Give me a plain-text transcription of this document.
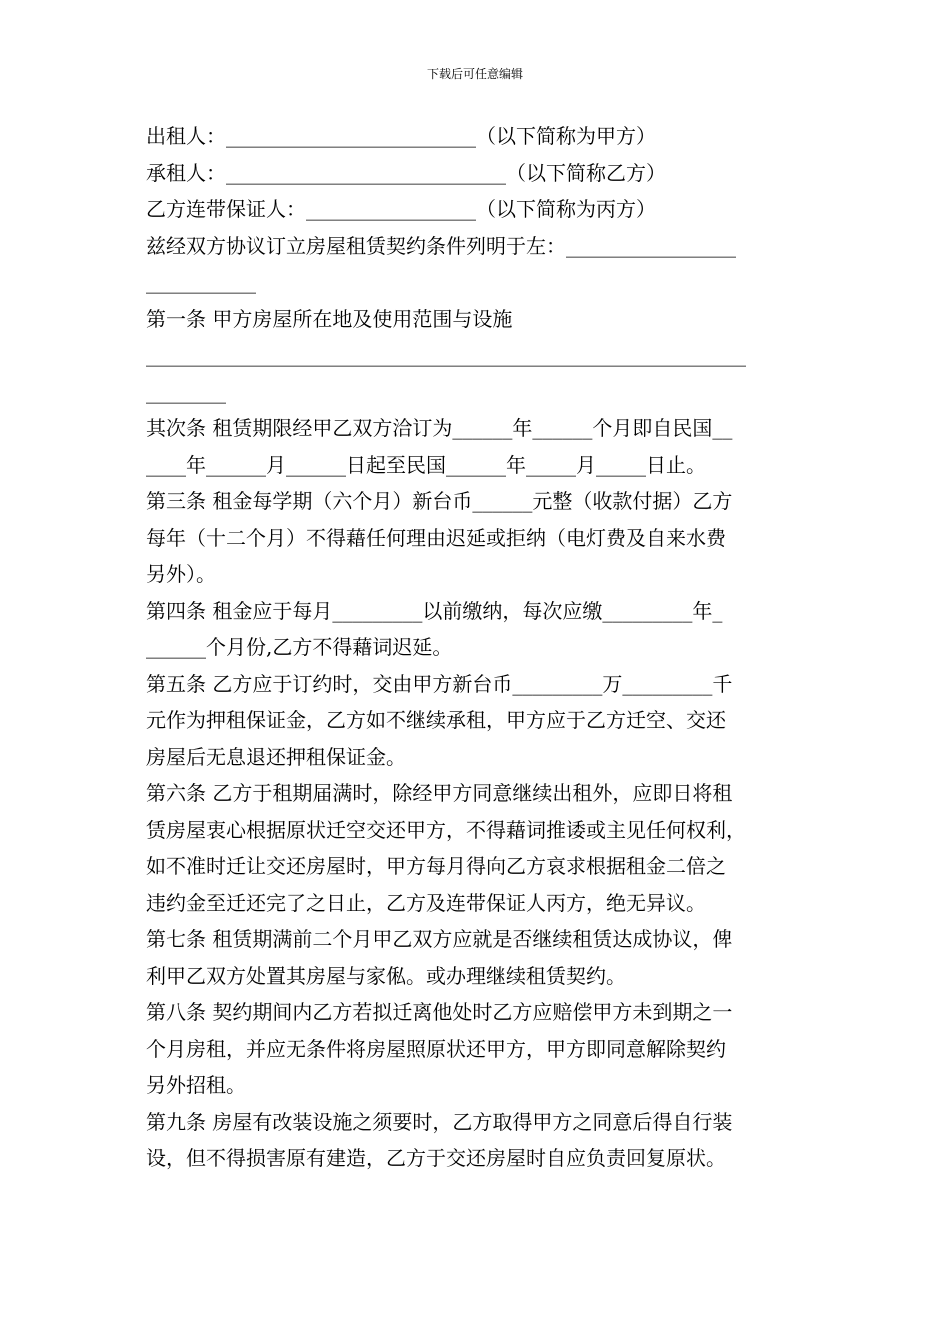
下载后可任意编辑
出租人：_________________________（以下简称为甲方）
承租人：____________________________（以下简称乙方）
乙方连带保证人：_________________（以下简称为丙方）
兹经双方协议订立房屋租赁契约条件列明于左：_________________
___________
第一条 甲方房屋所在地及使用范围与设施
____________________________________________________________
________
其次条 租赁期限经甲乙双方洽订为______年______个月即自民国__
____年______月______日起至民国______年_____月_____日止。
第三条 租金每学期（六个月）新台币______元整（收款付据）乙方
每年（十二个月）不得藉任何理由迟延或拒纳（电灯费及自来水费
另外）。
第四条 租金应于每月_________以前缴纳，每次应缴_________年_
______个月份,乙方不得藉词迟延。
第五条 乙方应于订约时，交由甲方新台币_________万_________千
元作为押租保证金，乙方如不继续承租，甲方应于乙方迁空、交还
房屋后无息退还押租保证金。
第六条 乙方于租期届满时，除经甲方同意继续出租外，应即日将租
赁房屋衷心根据原状迁空交还甲方，不得藉词推诿或主见任何权利，
如不准时迁让交还房屋时，甲方每月得向乙方哀求根据租金二倍之
违约金至迁还完了之日止，乙方及连带保证人丙方，绝无异议。
第七条 租赁期满前二个月甲乙双方应就是否继续租赁达成协议，俾
利甲乙双方处置其房屋与家俬。或办理继续租赁契约。
第八条 契约期间内乙方若拟迁离他处时乙方应赔偿甲方未到期之一
个月房租，并应无条件将房屋照原状还甲方，甲方即同意解除契约
另外招租。
第九条 房屋有改装设施之须要时，乙方取得甲方之同意后得自行装
设，但不得损害原有建造，乙方于交还房屋时自应负责回复原状。
